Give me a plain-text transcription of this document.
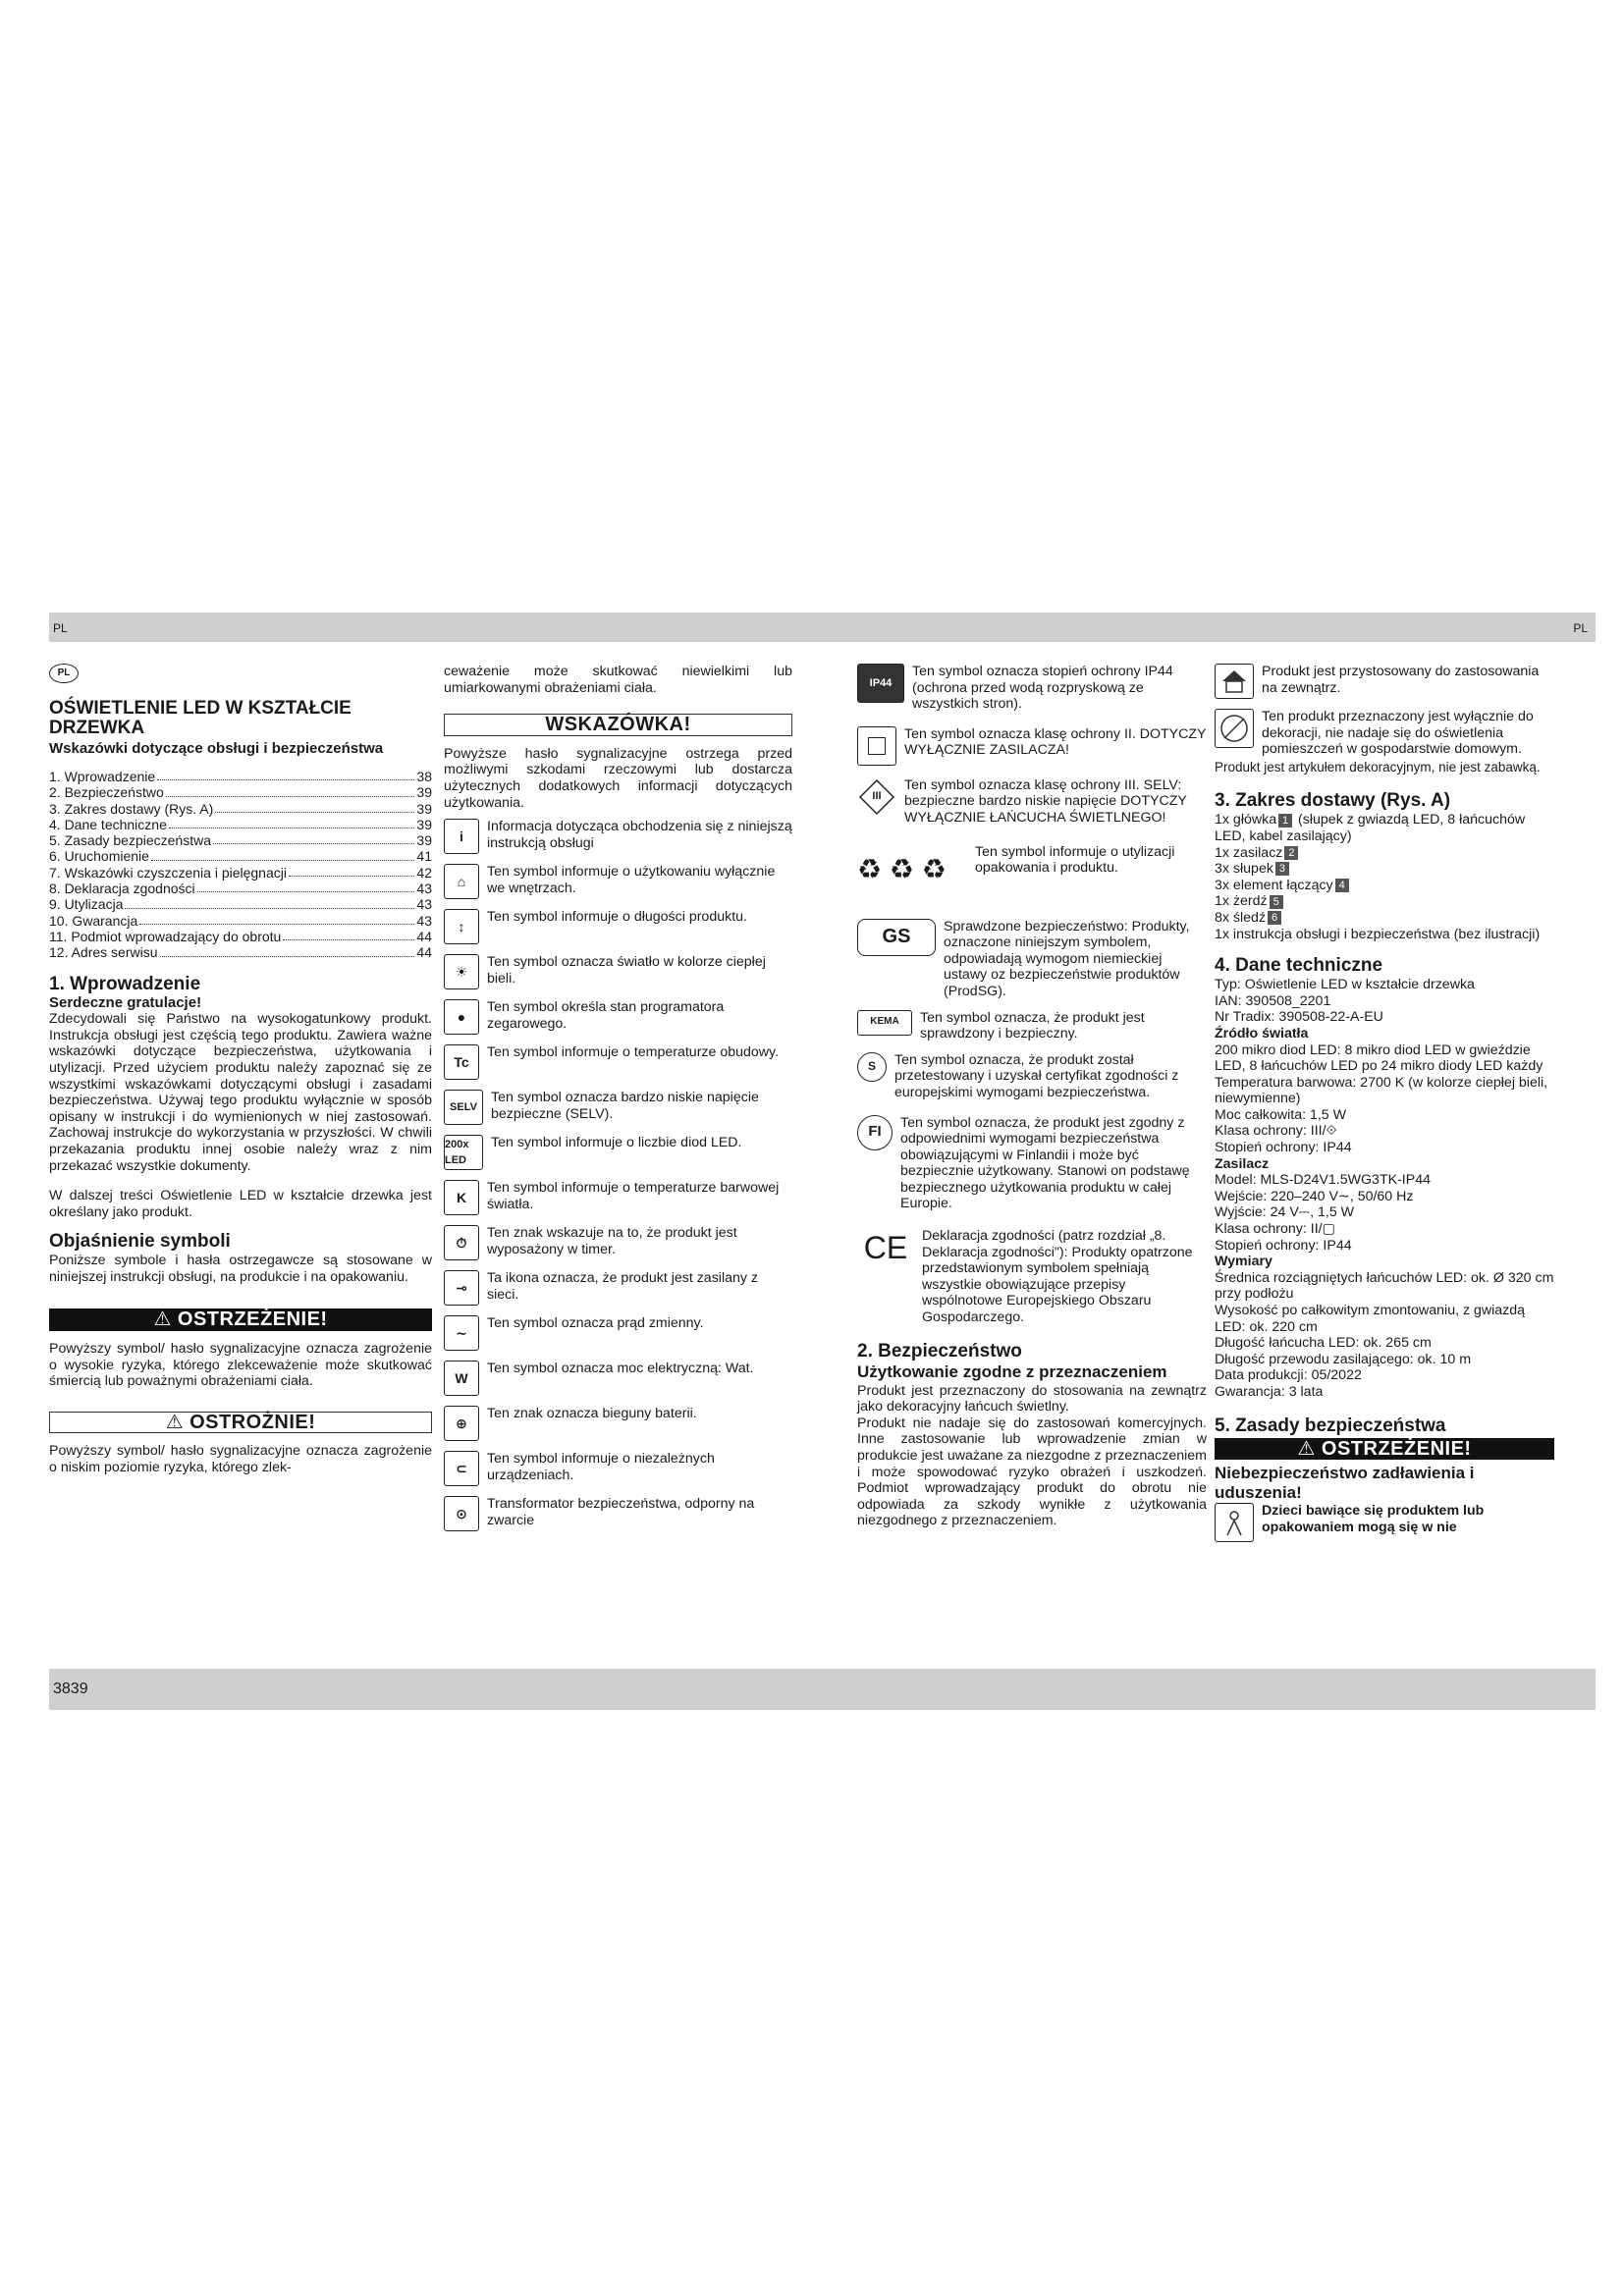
PL	PL
3839
PL
OŚWIETLENIE LED W KSZTAŁCIE DRZEWKA
Wskazówki dotyczące obsługi i bezpieczeństwa
1. Wprowadzenie	38
2. Bezpieczeństwo	39
3. Zakres dostawy (Rys. A)	39
4. Dane techniczne	39
5. Zasady bezpieczeństwa	39
6. Uruchomienie	41
7. Wskazówki czyszczenia i pielęgnacji	42
8. Deklaracja zgodności	43
9. Utylizacja	43
10. Gwarancja	43
11. Podmiot wprowadzający do obrotu	44
12. Adres serwisu	44
1. Wprowadzenie
Serdeczne gratulacje!

Zdecydowali się Państwo na wysokogatunkowy produkt. Instrukcja obsługi jest częścią tego produktu. Zawiera ważne wskazówki dotyczące bezpieczeństwa, użytkowania i utylizacji. Przed użyciem produktu należy zapoznać się ze wszystkimi wskazówkami dotyczącymi obsługi i zasadami bezpieczeństwa. Używaj tego produktu wyłącznie w sposób opisany w instrukcji i do wymienionych w niej zastosowań. Zachowaj instrukcje do wykorzystania w przyszłości. W chwili przekazania produktu innej osobie należy wraz z nim przekazać wszystkie dokumenty.

W dalszej treści Oświetlenie LED w kształcie drzewka jest określany jako produkt.

Objaśnienie symboli

Poniższe symbole i hasła ostrzegawcze są stosowane w niniejszej instrukcji obsługi, na produkcie i na opakowaniu.

⚠ OSTRZEŻENIE!

Powyższy symbol/ hasło sygnalizacyjne oznacza zagrożenie o wysokie ryzyka, którego zlekceważenie może skutkować śmiercią lub poważnymi obrażeniami ciała.

⚠ OSTROŻNIE!

Powyższy symbol/ hasło sygnalizacyjne oznacza zagrożenie o niskim poziomie ryzyka, którego zlek-

ceważenie może skutkować niewielkimi lub umiarkowanymi obrażeniami ciała.

WSKAZÓWKA!

Powyższe hasło sygnalizacyjne ostrzega przed możliwymi szkodami rzeczowymi lub dostarcza użytecznych dodatkowych informacji dotyczących użytkowania.

i
Informacja dotycząca obchodzenia się z niniejszą instrukcją obsługi
⌂
Ten symbol informuje o użytkowaniu wyłącznie we wnętrzach.
↕
Ten symbol informuje o długości produktu.
☀
Ten symbol oznacza światło w kolorze ciepłej bieli.
●
Ten symbol określa stan programatora zegarowego.
Tc
Ten symbol informuje o temperaturze obudowy.
SELV
Ten symbol oznacza bardzo niskie napięcie bezpieczne (SELV).
200x LED
Ten symbol informuje o liczbie diod LED.
K
Ten symbol informuje o temperaturze barwowej światła.
⏱
Ten znak wskazuje na to, że produkt jest wyposażony w timer.
⊸
Ta ikona oznacza, że produkt jest zasilany z sieci.
∼
Ten symbol oznacza prąd zmienny.
W
Ten symbol oznacza moc elektryczną: Wat.
⊕
Ten znak oznacza bieguny baterii.
⊂
Ten symbol informuje o niezależnych urządzeniach.
⊙
Transformator bezpieczeństwa, odporny na zwarcie
IP44
Ten symbol oznacza stopień ochrony IP44 (ochrona przed wodą rozpryskową ze wszystkich stron).
Ten symbol oznacza klasę ochrony II. DOTYCZY WYŁĄCZNIE ZASILACZA!
III
Ten symbol oznacza klasę ochrony III. SELV: bezpieczne bardzo niskie napięcie DOTYCZY WYŁĄCZNIE ŁAŃCUCHA ŚWIETLNEGO!
♻ ♻ ♻
Ten symbol informuje o utylizacji opakowania i produktu.
GS	Sprawdzone bezpieczeństwo: Produkty, oznaczone niniejszym symbolem, odpowiadają wymogom niemieckiej ustawy oz bezpieczeństwie produktów (ProdSG).
KEMA	Ten symbol oznacza, że produkt jest sprawdzony i bezpieczny.
S	Ten symbol oznacza, że produkt został przetestowany i uzyskał certyfikat zgodności z europejskimi wymogami bezpieczeństwa.
FI
Ten symbol oznacza, że produkt jest zgodny z odpowiednimi wymogami bezpieczeństwa obowiązującymi w Finlandii i może być bezpiecznie użytkowany. Stanowi on podstawę bezpiecznego użytkowania produktu w całej Europie.
CE	Deklaracja zgodności (patrz rozdział „8. Deklaracja zgodności"): Produkty opatrzone przedstawionym symbolem spełniają wszystkie obowiązujące przepisy wspólnotowe Europejskiego Obszaru Gospodarczego.
2. Bezpieczeństwo
Użytkowanie zgodne z przeznaczeniem

Produkt jest przeznaczony do stosowania na zewnątrz jako dekoracyjny łańcuch świetlny.

Produkt nie nadaje się do zastosowań komercyjnych. Inne zastosowanie lub wprowadzenie zmian w produkcie jest uważane za niezgodne z przeznaczeniem i może spowodować ryzyko obrażeń i uszkodzeń. Podmiot wprowadzający produkt do obrotu nie odpowiada za szkody wynikłe z użytkowania niezgodnego z przeznaczeniem.

Produkt jest przystosowany do zastosowania na zewnątrz.
Ten produkt przeznaczony jest wyłącznie do dekoracji, nie nadaje się do oświetlenia pomieszczeń w gospodarstwie domowym.

Produkt jest artykułem dekoracyjnym, nie jest zabawką.

3. Zakres dostawy (Rys. A)
1x główka 1 (słupek z gwiazdą LED, 8 łańcuchów LED, kabel zasilający)
1x zasilacz 2
3x słupek 3
3x element łączący 4
1x żerdź 5
8x śledź 6
1x instrukcja obsługi i bezpieczeństwa (bez ilustracji)
4. Dane techniczne
Typ: Oświetlenie LED w kształcie drzewka
IAN: 390508_2201
Nr Tradix: 390508-22-A-EU
Źródło światła
200 mikro diod LED: 8 mikro diod LED w gwieździe LED, 8 łańcuchów LED po 24 mikro diody LED każdy
Temperatura barwowa: 2700 K (w kolorze ciepłej bieli, niewymienne)
Moc całkowita: 1,5 W
Klasa ochrony: III/⟐
Stopień ochrony: IP44
Zasilacz
Model: MLS-D24V1.5WG3TK-IP44
Wejście: 220–240 V∼, 50/60 Hz
Wyjście: 24 V⎓, 1,5 W
Klasa ochrony: II/▢
Stopień ochrony: IP44
Wymiary
Średnica rozciągniętych łańcuchów LED: ok. Ø 320 cm przy podłożu
Wysokość po całkowitym zmontowaniu, z gwiazdą LED: ok. 220 cm
Długość łańcucha LED: ok. 265 cm
Długość przewodu zasilającego: ok. 10 m
Data produkcji: 05/2022
Gwarancja: 3 lata
5. Zasady bezpieczeństwa
⚠ OSTRZEŻENIE!
Niebezpieczeństwo zadławienia i uduszenia!
Dzieci bawiące się produktem lub opakowaniem mogą się w nie
